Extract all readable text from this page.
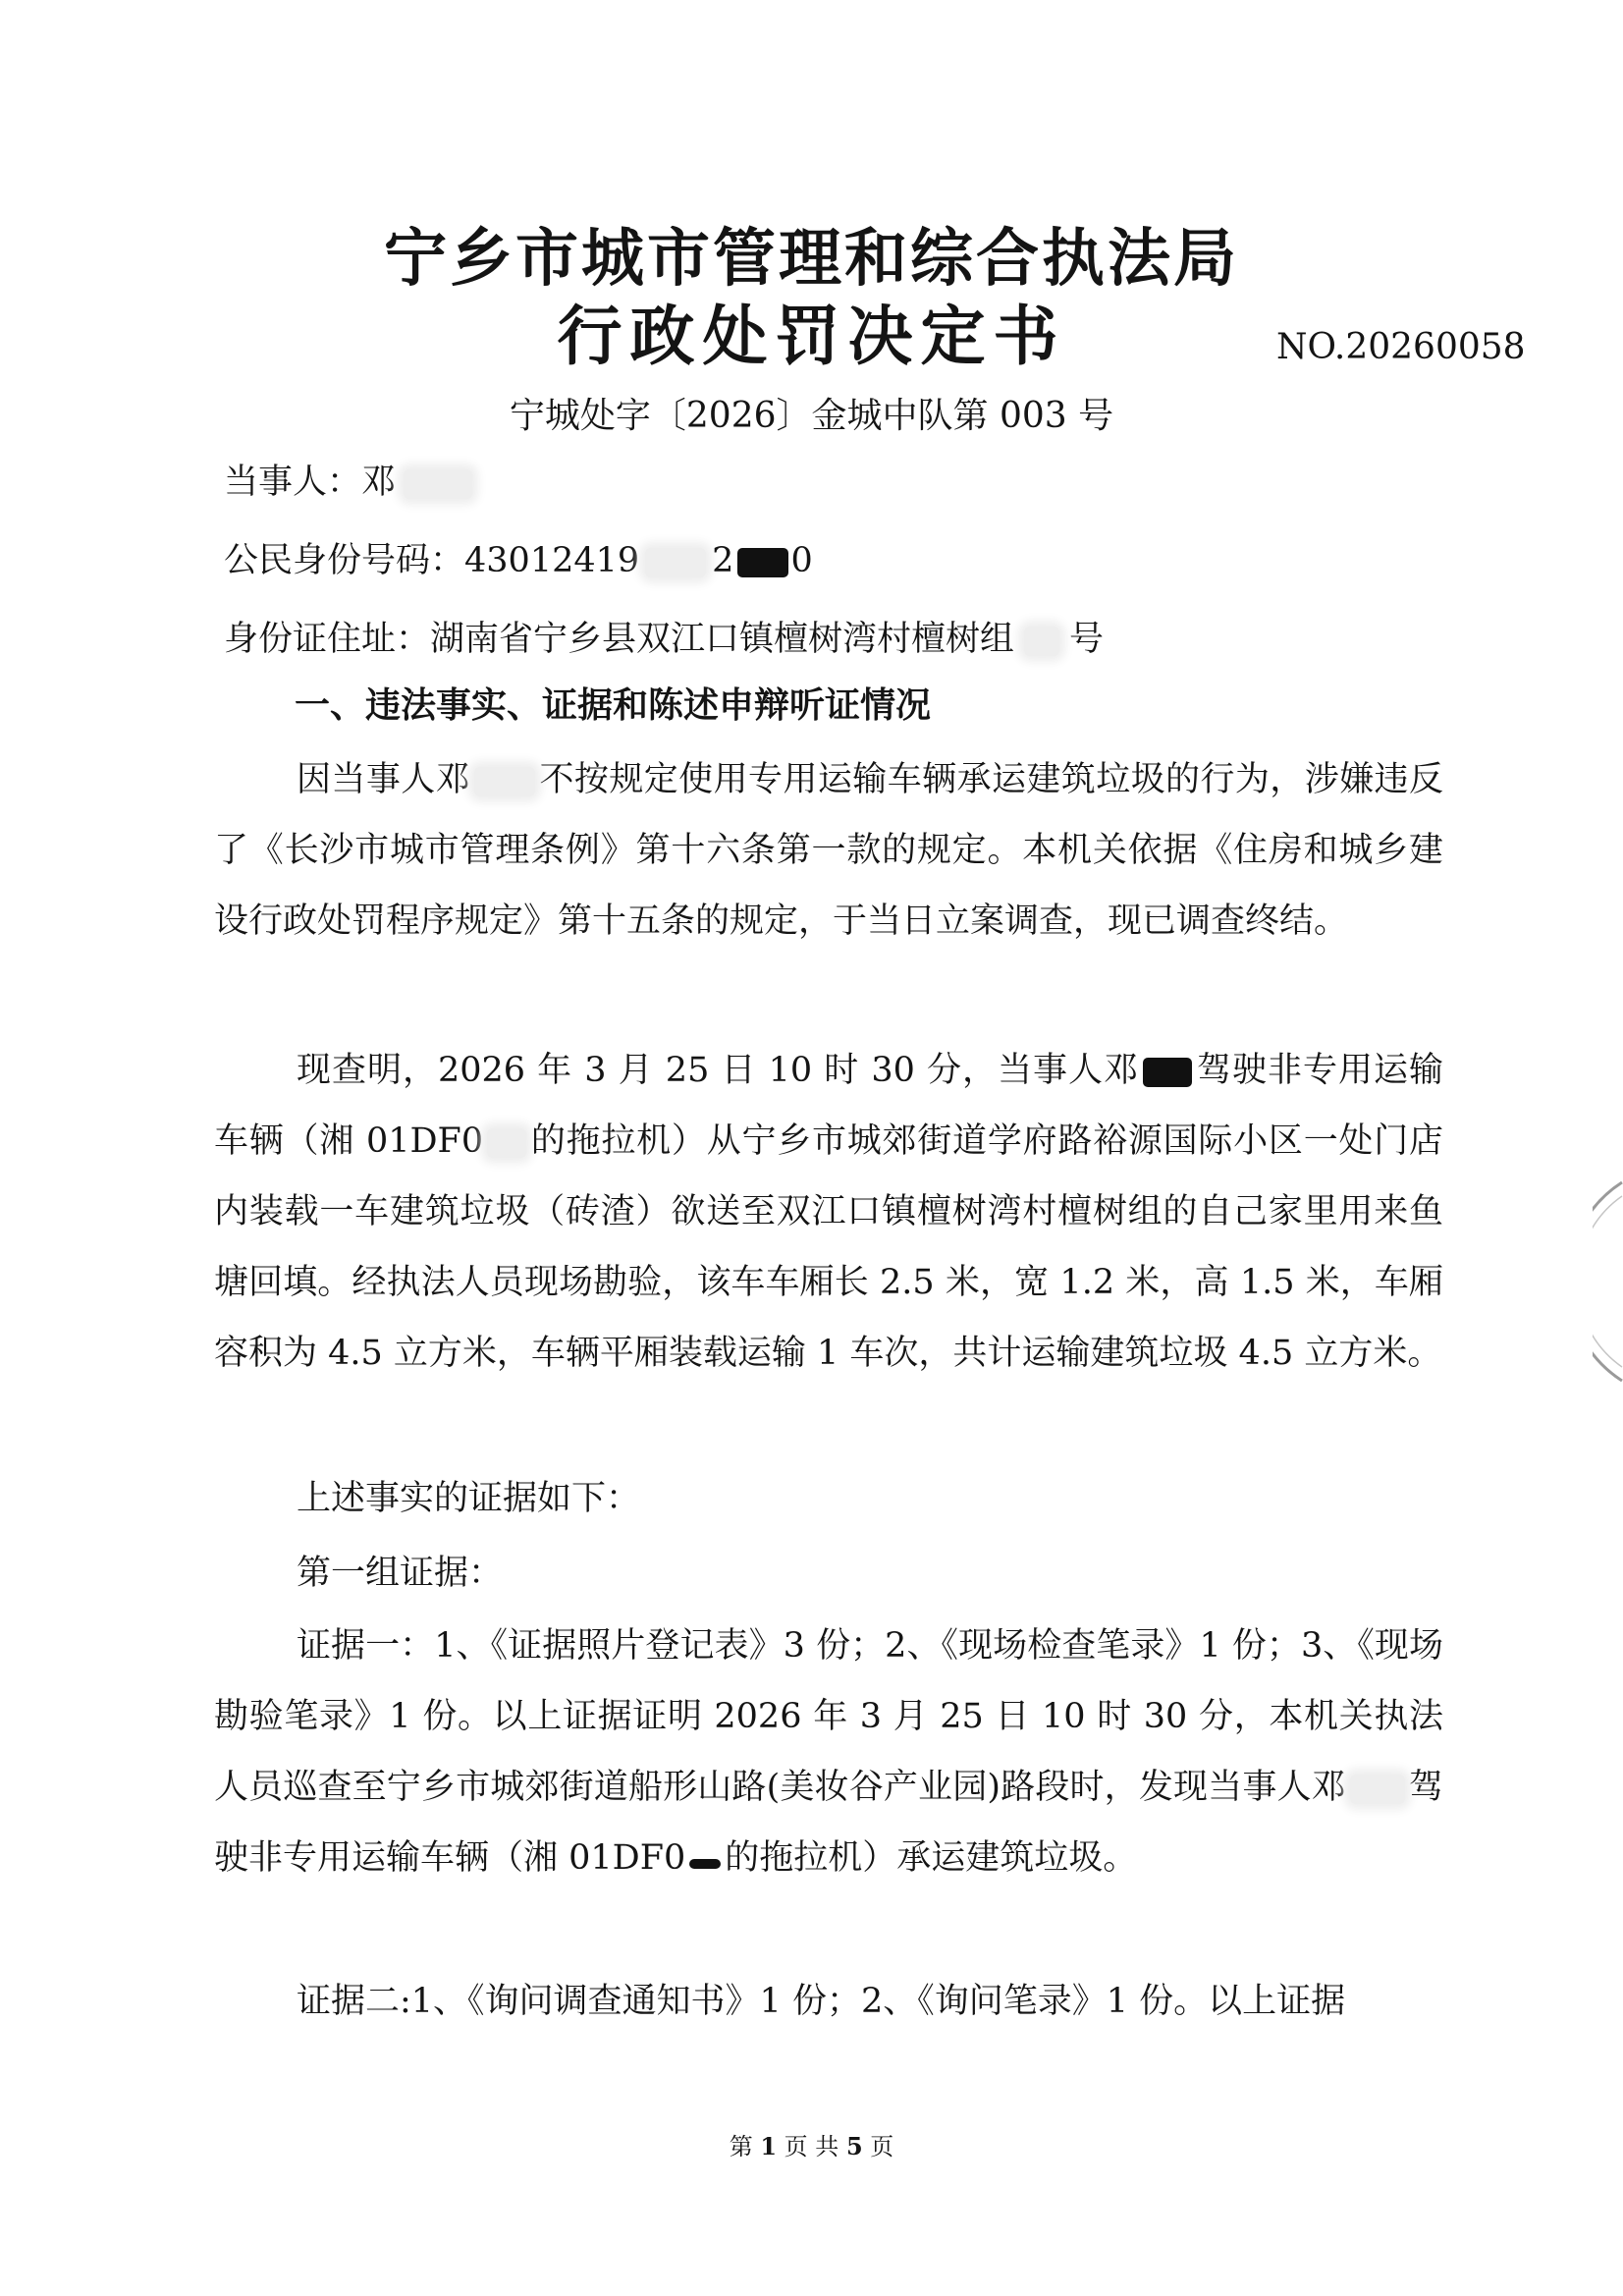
宁乡市城市管理和综合执法局
行政处罚决定书	NO.20260058
宁城处字〔2026〕金城中队第 003 号
当事人：邓
公民身份号码：43012419 2 0
身份证住址：湖南省宁乡县双江口镇檀树湾村檀树组 号
一、违法事实、证据和陈述申辩听证情况

因当事人邓 不按规定使用专用运输车辆承运建筑垃圾的行为，涉嫌违反了《长沙市城市管理条例》第十六条第一款的规定。本机关依据《住房和城乡建设行政处罚程序规定》第十五条的规定，于当日立案调查，现已调查终结。

现查明，2026 年 3 月 25 日 10 时 30 分，当事人邓 驾驶非专用运输车辆（湘 01DF0 的拖拉机）从宁乡市城郊街道学府路裕源国际小区一处门店内装载一车建筑垃圾（砖渣）欲送至双江口镇檀树湾村檀树组的自己家里用来鱼塘回填。经执法人员现场勘验，该车车厢长 2.5 米，宽 1.2 米，高 1.5 米，车厢容积为 4.5 立方米，车辆平厢装载运输 1 车次，共计运输建筑垃圾 4.5 立方米。

上述事实的证据如下：

第一组证据：

证据一：1、《证据照片登记表》3 份；2、《现场检查笔录》1 份；3、《现场勘验笔录》1 份。以上证据证明 2026 年 3 月 25 日 10 时 30 分，本机关执法人员巡查至宁乡市城郊街道船形山路(美妆谷产业园)路段时，发现当事人邓 驾驶非专用运输车辆（湘 01DF0 的拖拉机）承运建筑垃圾。

证据二:1、《询问调查通知书》1 份；2、《询问笔录》1 份。以上证据

第 1 页 共 5 页
